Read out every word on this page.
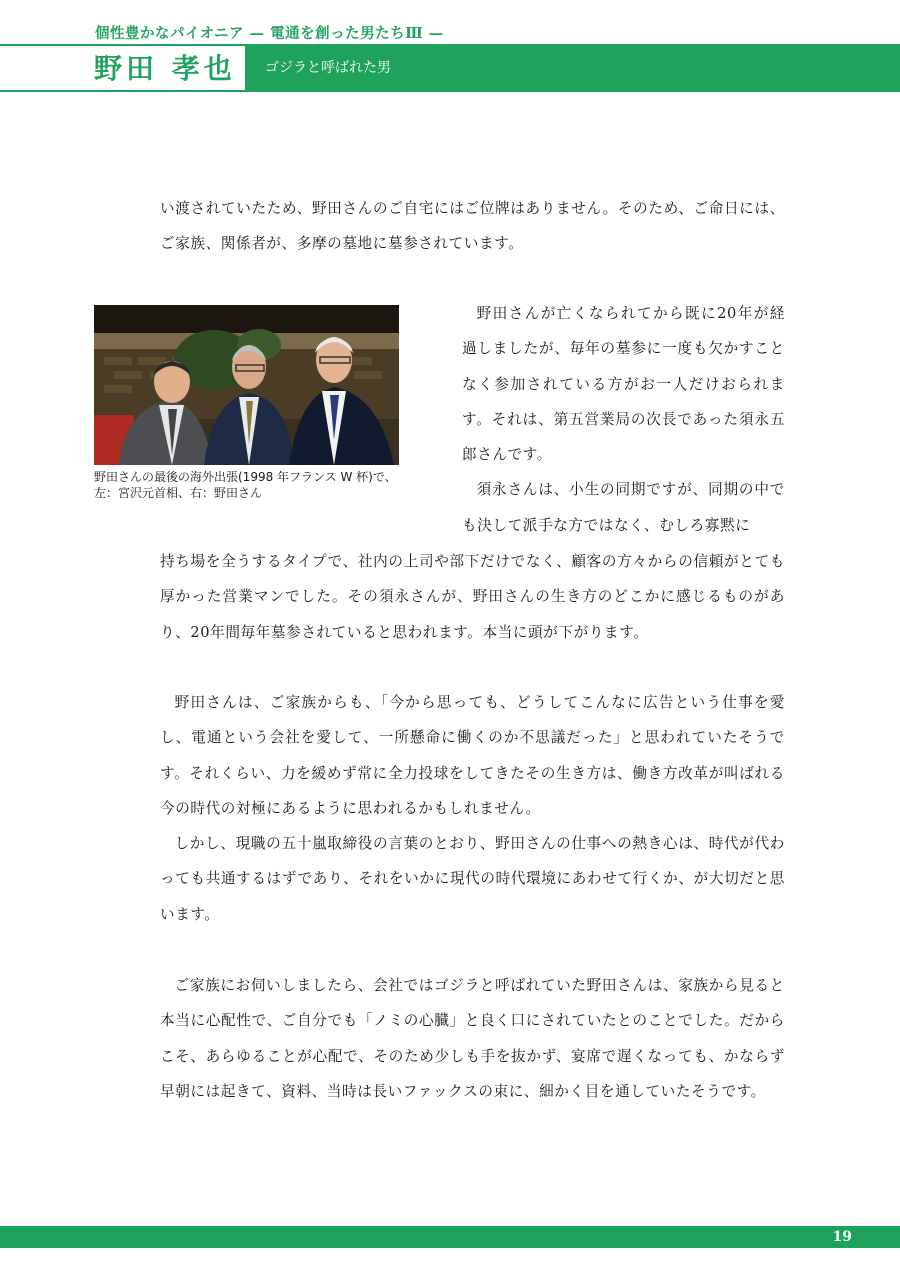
個性豊かなパイオニア — 電通を創った男たちⅢ —
野田 孝也 ゴジラと呼ばれた男

い渡されていたため、野田さんのご自宅にはご位牌はありません。そのため、ご命日には、ご家族、関係者が、多摩の墓地に墓参されています。

野田さんの最後の海外出張(1998 年フランス W 杯)で、
左：宮沢元首相、右：野田さん

野田さんが亡くなられてから既に20年が経過しましたが、毎年の墓参に一度も欠かすことなく参加されている方がお一人だけおられます。それは、第五営業局の次長であった須永五郎さんです。

須永さんは、小生の同期ですが、同期の中でも決して派手な方ではなく、むしろ寡黙に

持ち場を全うするタイプで、社内の上司や部下だけでなく、顧客の方々からの信頼がとても厚かった営業マンでした。その須永さんが、野田さんの生き方のどこかに感じるものがあり、20年間毎年墓参されていると思われます。本当に頭が下がります。

野田さんは、ご家族からも、「今から思っても、どうしてこんなに広告という仕事を愛し、電通という会社を愛して、一所懸命に働くのか不思議だった」と思われていたそうです。それくらい、力を緩めず常に全力投球をしてきたその生き方は、働き方改革が叫ばれる今の時代の対極にあるように思われるかもしれません。

しかし、現職の五十嵐取締役の言葉のとおり、野田さんの仕事への熱き心は、時代が代わっても共通するはずであり、それをいかに現代の時代環境にあわせて行くか、が大切だと思います。

ご家族にお伺いしましたら、会社ではゴジラと呼ばれていた野田さんは、家族から見ると本当に心配性で、ご自分でも「ノミの心臓」と良く口にされていたとのことでした。だからこそ、あらゆることが心配で、そのため少しも手を抜かず、宴席で遅くなっても、かならず早朝には起きて、資料、当時は長いファックスの束に、細かく目を通していたそうです。

19
